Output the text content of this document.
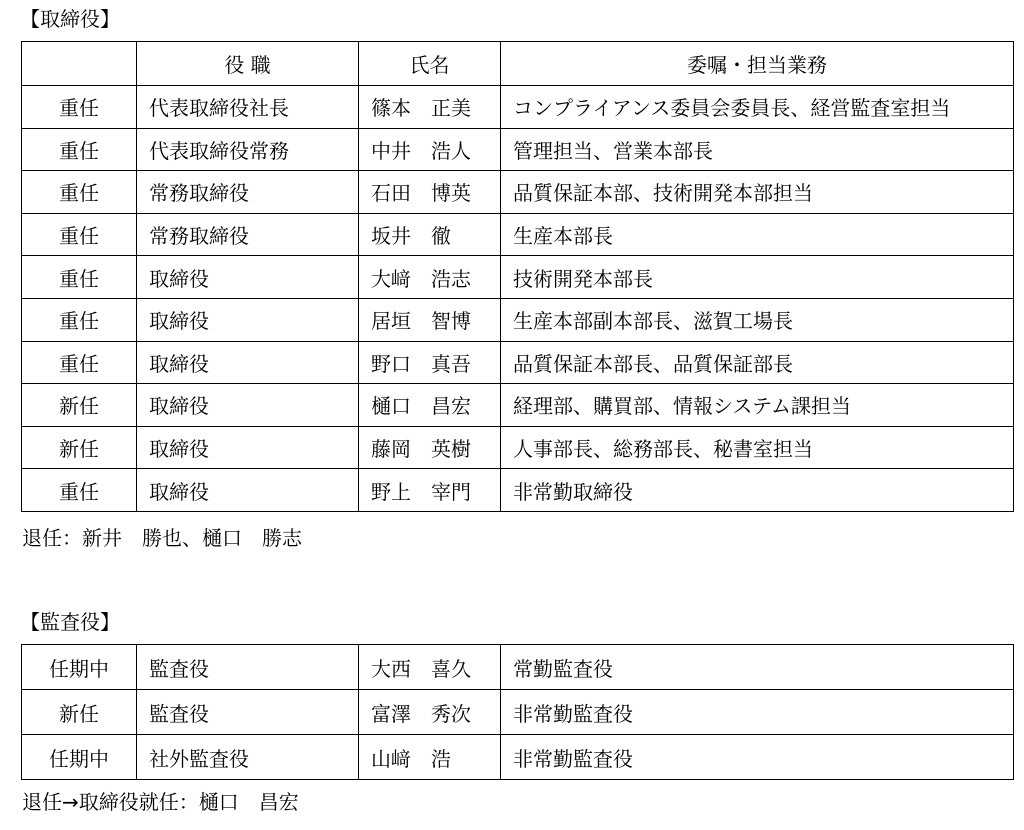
【取締役】
	役 職	氏名	委嘱・担当業務
重任	代表取締役社長	篠本　正美	コンプライアンス委員会委員長、経営監査室担当
重任	代表取締役常務	中井　浩人	管理担当、営業本部長
重任	常務取締役	石田　博英	品質保証本部、技術開発本部担当
重任	常務取締役	坂井　徹	生産本部長
重任	取締役	大﨑　浩志	技術開発本部長
重任	取締役	居垣　智博	生産本部副本部長、滋賀工場長
重任	取締役	野口　真吾	品質保証本部長、品質保証部長
新任	取締役	樋口　昌宏	経理部、購買部、情報システム課担当
新任	取締役	藤岡　英樹	人事部長、総務部長、秘書室担当
重任	取締役	野上　宰門	非常勤取締役
退任：新井　勝也、樋口　勝志
【監査役】
任期中	監査役	大西　喜久	常勤監査役
新任	監査役	富澤　秀次	非常勤監査役
任期中	社外監査役	山﨑　浩	非常勤監査役
退任→取締役就任：樋口　昌宏
